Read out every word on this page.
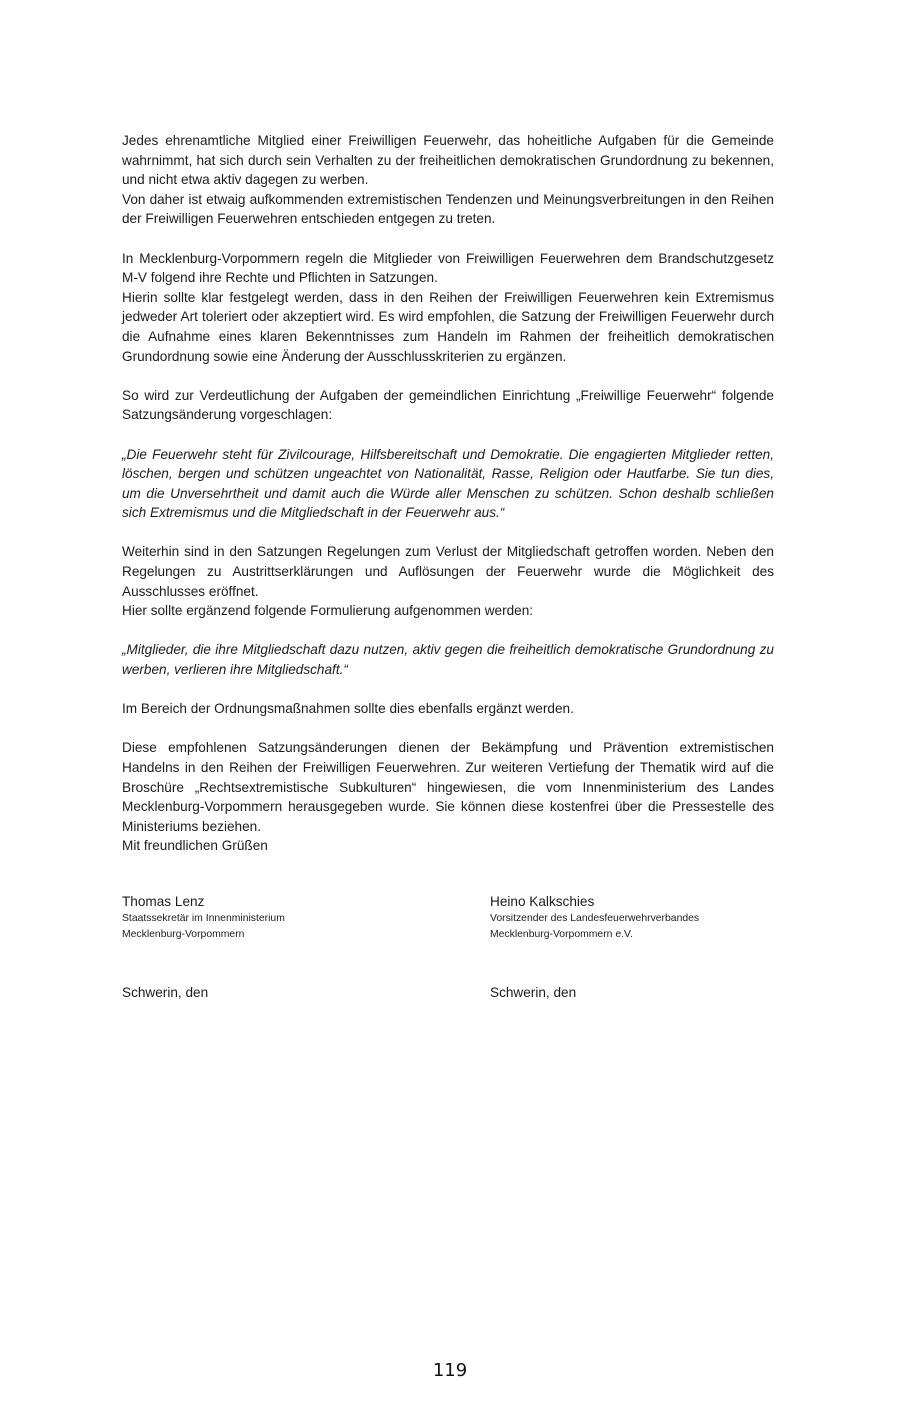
Jedes ehrenamtliche Mitglied einer Freiwilligen Feuerwehr, das hoheitliche Aufgaben für die Gemeinde wahrnimmt, hat sich durch sein Verhalten zu der freiheitlichen demokratischen Grundordnung zu bekennen, und nicht etwa aktiv dagegen zu werben.

Von daher ist etwaig aufkommenden extremistischen Tendenzen und Meinungsverbreitungen in den Reihen der Freiwilligen Feuerwehren entschieden entgegen zu treten.

In Mecklenburg-Vorpommern regeln die Mitglieder von Freiwilligen Feuerwehren dem Brandschutzgesetz M-V folgend ihre Rechte und Pflichten in Satzungen.

Hierin sollte klar festgelegt werden, dass in den Reihen der Freiwilligen Feuerwehren kein Extremismus jedweder Art toleriert oder akzeptiert wird. Es wird empfohlen, die Satzung der Freiwilligen Feuerwehr durch die Aufnahme eines klaren Bekenntnisses zum Handeln im Rahmen der freiheitlich demokratischen Grundordnung sowie eine Änderung der Ausschlusskriterien zu ergänzen.

So wird zur Verdeutlichung der Aufgaben der gemeindlichen Einrichtung „Freiwillige Feuerwehr“ folgende Satzungsänderung vorgeschlagen:

„Die Feuerwehr steht für Zivilcourage, Hilfsbereitschaft und Demokratie. Die engagierten Mitglieder retten, löschen, bergen und schützen ungeachtet von Nationalität, Rasse, Religion oder Hautfarbe. Sie tun dies, um die Unversehrtheit und damit auch die Würde aller Menschen zu schützen. Schon deshalb schließen sich Extremismus und die Mitgliedschaft in der Feuerwehr aus.“

Weiterhin sind in den Satzungen Regelungen zum Verlust der Mitgliedschaft getroffen worden. Neben den Regelungen zu Austrittserklärungen und Auflösungen der Feuerwehr wurde die Möglichkeit des Ausschlusses eröffnet.

Hier sollte ergänzend folgende Formulierung aufgenommen werden:

„Mitglieder, die ihre Mitgliedschaft dazu nutzen, aktiv gegen die freiheitlich demokratische Grundordnung zu werben, verlieren ihre Mitgliedschaft.“

Im Bereich der Ordnungsmaßnahmen sollte dies ebenfalls ergänzt werden.

Diese empfohlenen Satzungsänderungen dienen der Bekämpfung und Prävention extremistischen Handelns in den Reihen der Freiwilligen Feuerwehren. Zur weiteren Vertiefung der Thematik wird auf die Broschüre „Rechtsextremistische Subkulturen“ hingewiesen, die vom Innenministerium des Landes Mecklenburg-Vorpommern herausgegeben wurde. Sie können diese kostenfrei über die Pressestelle des Ministeriums beziehen.

Mit freundlichen Grüßen

Thomas Lenz
Staatssekretär im Innenministerium
Mecklenburg-Vorpommern
Schwerin, den
Heino Kalkschies
Vorsitzender des Landesfeuerwehrverbandes
Mecklenburg-Vorpommern e.V.
Schwerin, den
119
